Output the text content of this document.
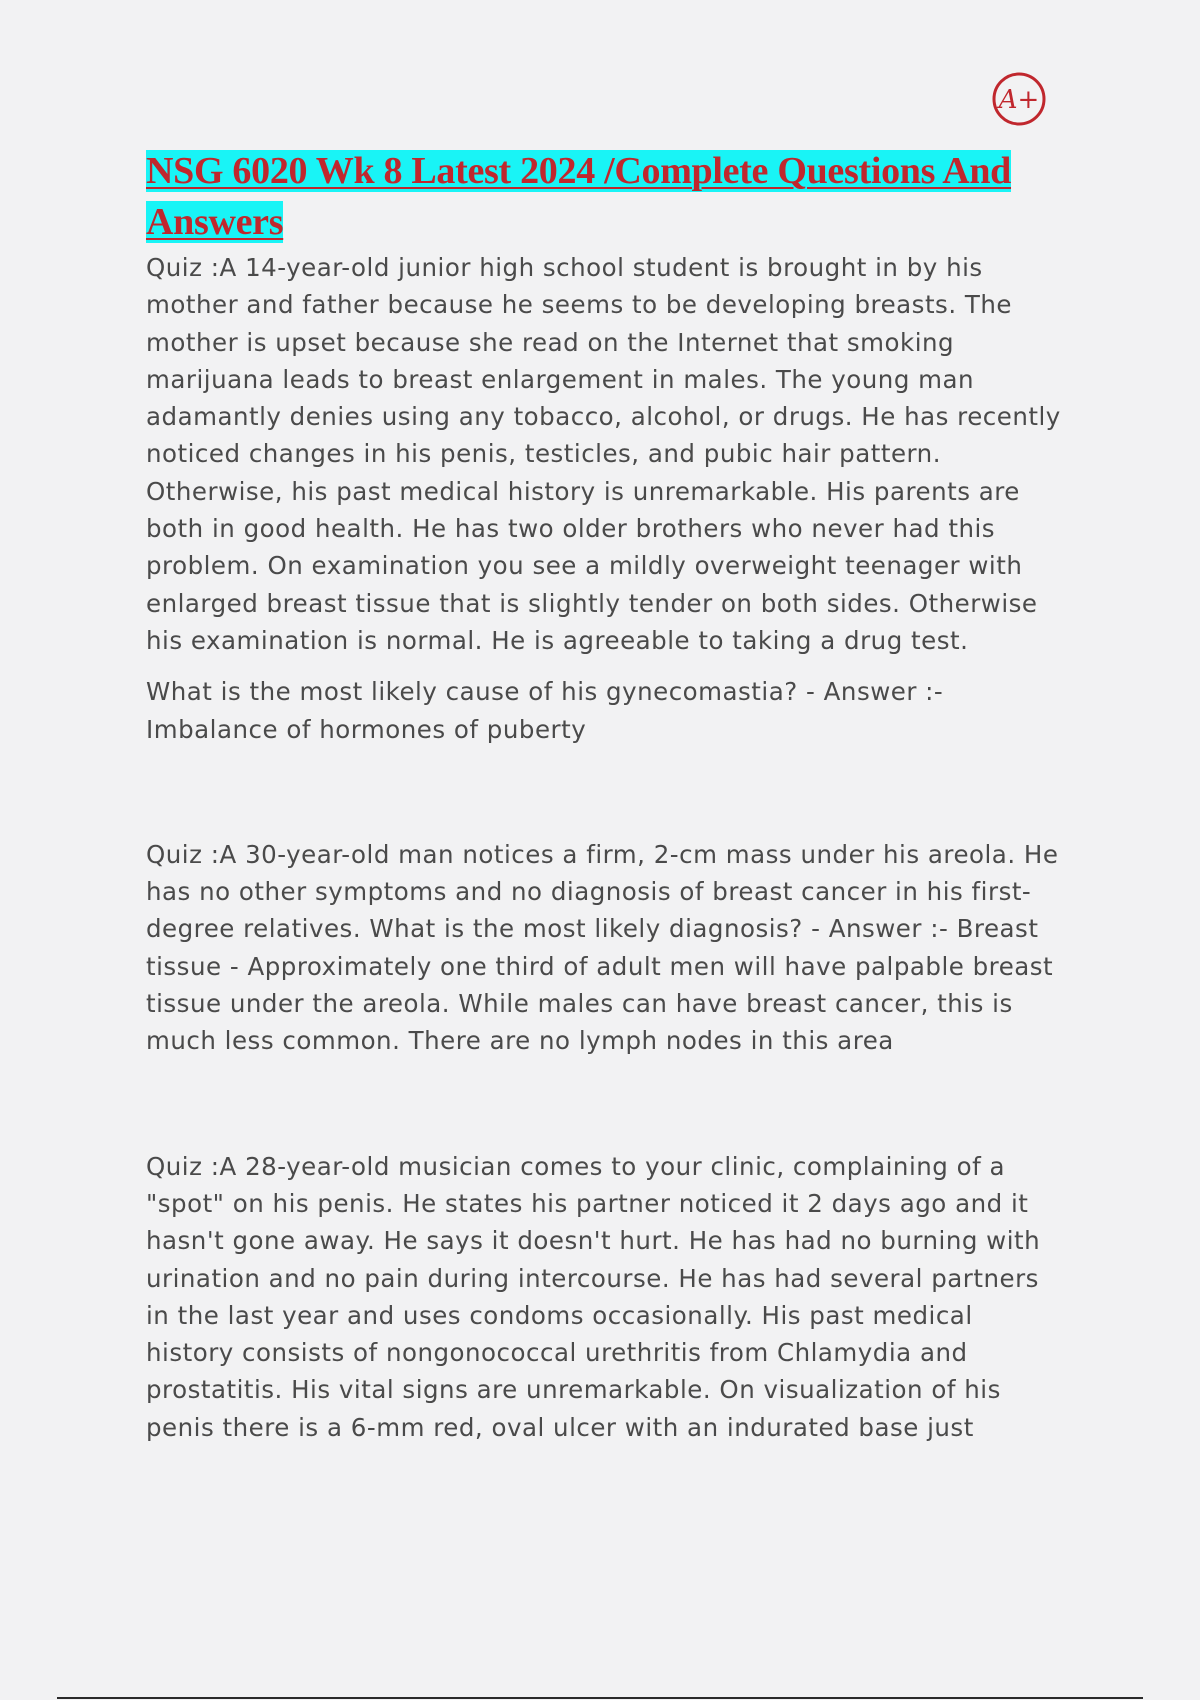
A+
NSG 6020 Wk 8 Latest 2024 /Complete Questions And Answers

Quiz :A 14-year-old junior high school student is brought in by his mother and father because he seems to be developing breasts. The mother is upset because she read on the Internet that smoking marijuana leads to breast enlargement in males. The young man adamantly denies using any tobacco, alcohol, or drugs. He has recently noticed changes in his penis, testicles, and pubic hair pattern. Otherwise, his past medical history is unremarkable. His parents are both in good health. He has two older brothers who never had this problem. On examination you see a mildly overweight teenager with enlarged breast tissue that is slightly tender on both sides. Otherwise his examination is normal. He is agreeable to taking a drug test.

What is the most likely cause of his gynecomastia? - Answer :- Imbalance of hormones of puberty

Quiz :A 30-year-old man notices a firm, 2-cm mass under his areola. He has no other symptoms and no diagnosis of breast cancer in his first-degree relatives. What is the most likely diagnosis? - Answer :- Breast tissue - Approximately one third of adult men will have palpable breast tissue under the areola. While males can have breast cancer, this is much less common. There are no lymph nodes in this area

Quiz :A 28-year-old musician comes to your clinic, complaining of a "spot" on his penis. He states his partner noticed it 2 days ago and it hasn't gone away. He says it doesn't hurt. He has had no burning with urination and no pain during intercourse. He has had several partners in the last year and uses condoms occasionally. His past medical history consists of nongonococcal urethritis from Chlamydia and prostatitis. His vital signs are unremarkable. On visualization of his penis there is a 6-mm red, oval ulcer with an indurated base just
